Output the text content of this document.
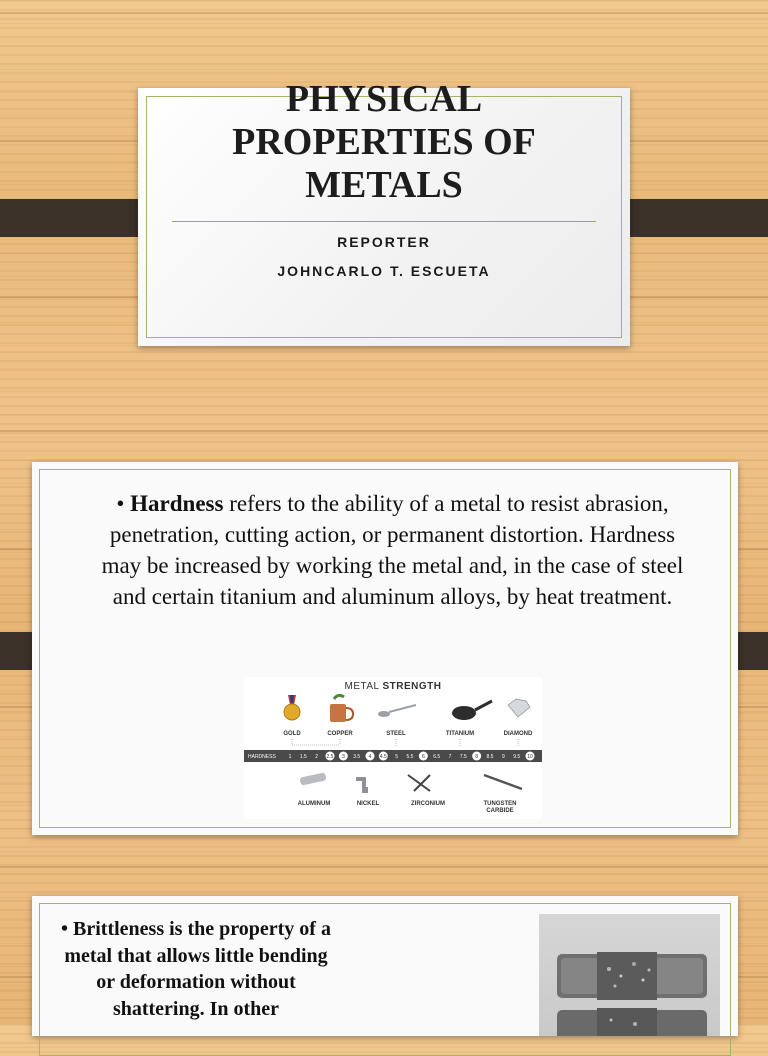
PHYSICAL
PROPERTIES OF
METALS
REPORTER
JOHNCARLO T. ESCUETA
• Hardness refers to the ability of a metal to resist abrasion, penetration, cutting action, or permanent distortion. Hardness may be increased by working the metal and, in the case of steel and certain titanium and aluminum alloys, by heat treatment.
METAL STRENGTH
GOLD	COPPER	STEEL	TITANIUM	DIAMOND
HARDNESS	1 1.5 2 2.5 3 3.5 4 4.5 5 5.5 6 6.5 7 7.5 8 8.5 9 9.5 10
ALUMINUM	NICKEL	ZIRCONIUM	TUNGSTEN
CARBIDE
• Brittleness is the property of a metal that allows little bending or deformation without shattering. In other
